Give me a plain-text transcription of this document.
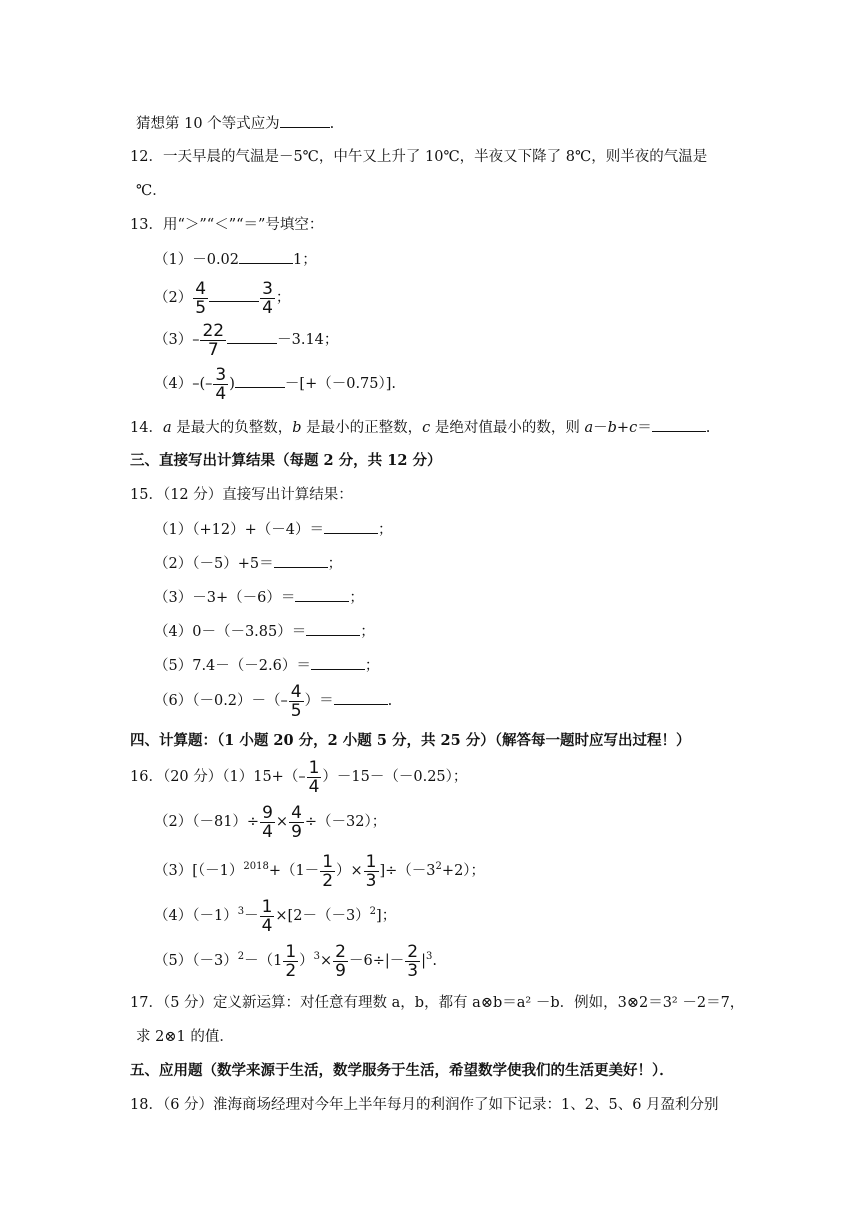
猜想第 10 个等式应为	.
12．一天早晨的气温是－5℃，中午又上升了 10℃，半夜又下降了 8℃，则半夜的气温是
℃．
13．用“＞”“＜”“＝”号填空：
（1）－0.02	1；
$(2) \frac{4}{5}$	$\frac{3}{4}$ ；
$(3)- \frac{22}{7}$	－3.14；
$(4)-(- \frac{3}{4}$ )	－[+（－0.75）].
14．a 是最大的负整数，b 是最小的正整数，c 是绝对值最小的数，则 a－b+c＝	.
三、直接写出计算结果（每题 2 分，共 12 分）
15．（12 分）直接写出计算结果：
（1）（+12）+（－4）＝	；
（2）（－5）+5＝	；
（3）－3+（－6）＝	；
（4）0－（－3.85）＝	；
（5）7.4－（－2.6）＝	；
$(6)(-0.2)-(- \frac{4}{5}$ ）＝	.
四、计算题：（1 小题 20 分，2 小题 5 分，共 25 分）（解答每一题时应写出过程！）
16．（20 分）$(1)15+(- \frac{1}{4} )-15-(-0.25)$；
$(2)(-81)\div \frac{9}{4} \times \frac{4}{9} \div(-32)$；
$(3)[(-1)^{2018}+(1- \frac{1}{2}$ ）× $\frac{1}{3} ]\div(-3^2+2)$；
$(4)(-1)^3- \frac{1}{4} \times[2-(-3)^2]$；
$(5)(-3)^2-(1 \frac{1}{2} )^3\times \frac{2}{9} -6\div|- \frac{2}{3} |^3$.
17．（5 分）定义新运算：对任意有理数 a，b，都有 a⊗b＝a² －b．例如，3⊗2＝3² －2＝7，
求 2⊗1 的值．
五、应用题（数学来源于生活，数学服务于生活，希望数学使我们的生活更美好！）．
18．（6 分）淮海商场经理对今年上半年每月的利润作了如下记录：1、2、5、6 月盈利分别
